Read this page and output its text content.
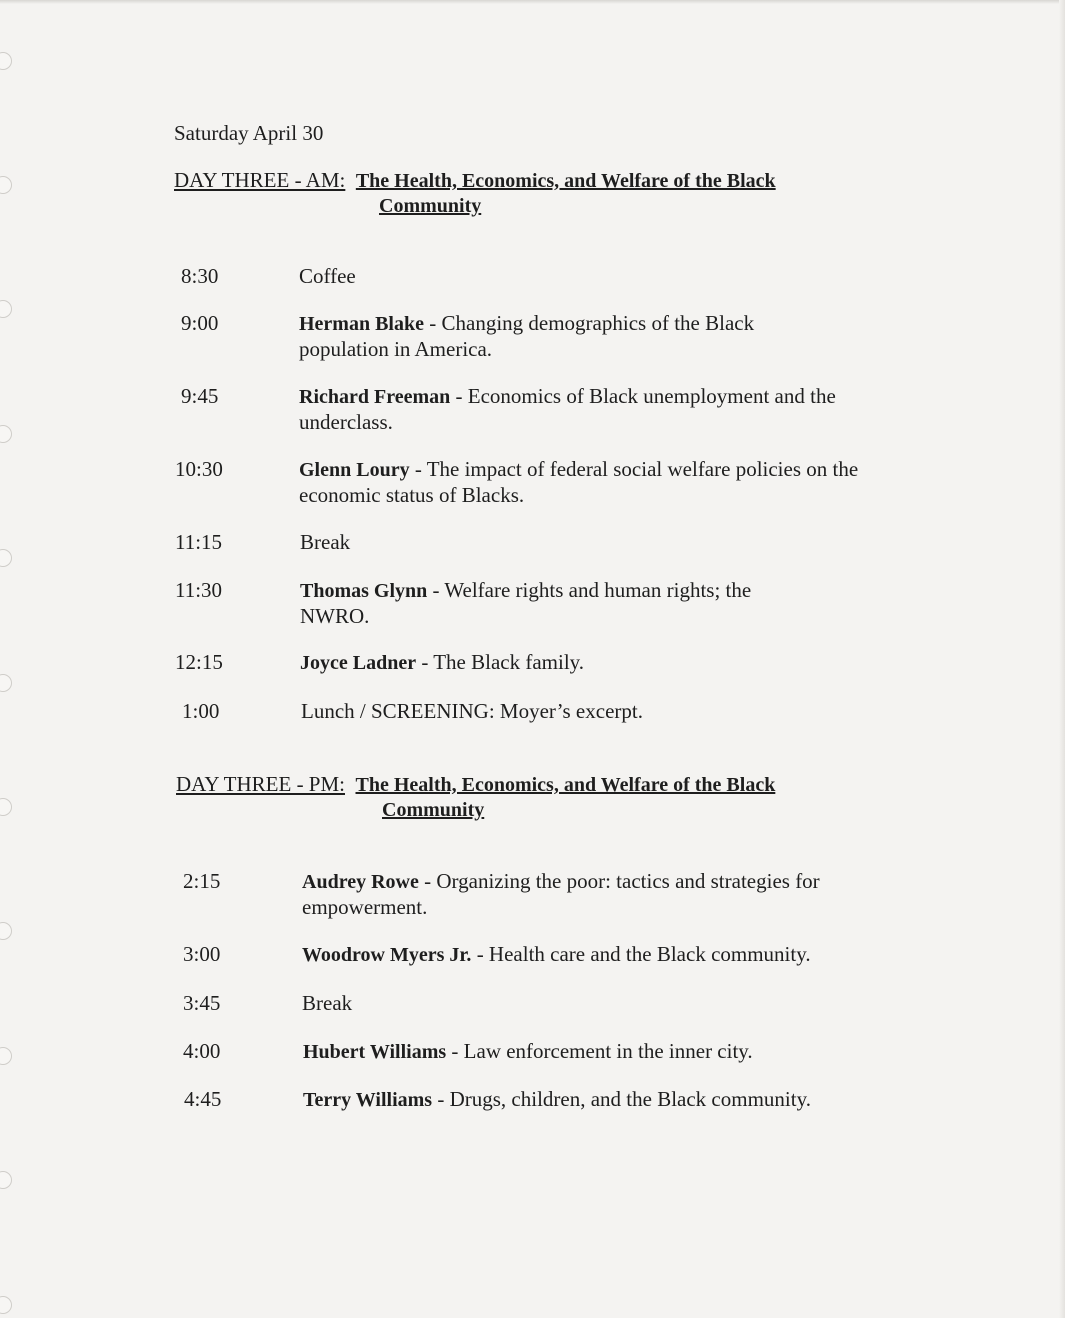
Saturday April 30
DAY THREE - AM: The Health, Economics, and Welfare of the Black
Community
8:30	Coffee
9:00	Herman Blake - Changing demographics of the Black population in America.
9:45	Richard Freeman - Economics of Black unemployment and the underclass.
10:30	Glenn Loury - The impact of federal social welfare policies on the economic status of Blacks.
11:15	Break
11:30	Thomas Glynn - Welfare rights and human rights; the NWRO.
12:15	Joyce Ladner - The Black family.
1:00	Lunch / SCREENING: Moyer’s excerpt.
DAY THREE - PM: The Health, Economics, and Welfare of the Black
Community
2:15	Audrey Rowe - Organizing the poor: tactics and strategies for empowerment.
3:00	Woodrow Myers Jr. - Health care and the Black community.
3:45	Break
4:00	Hubert Williams - Law enforcement in the inner city.
4:45	Terry Williams - Drugs, children, and the Black community.
